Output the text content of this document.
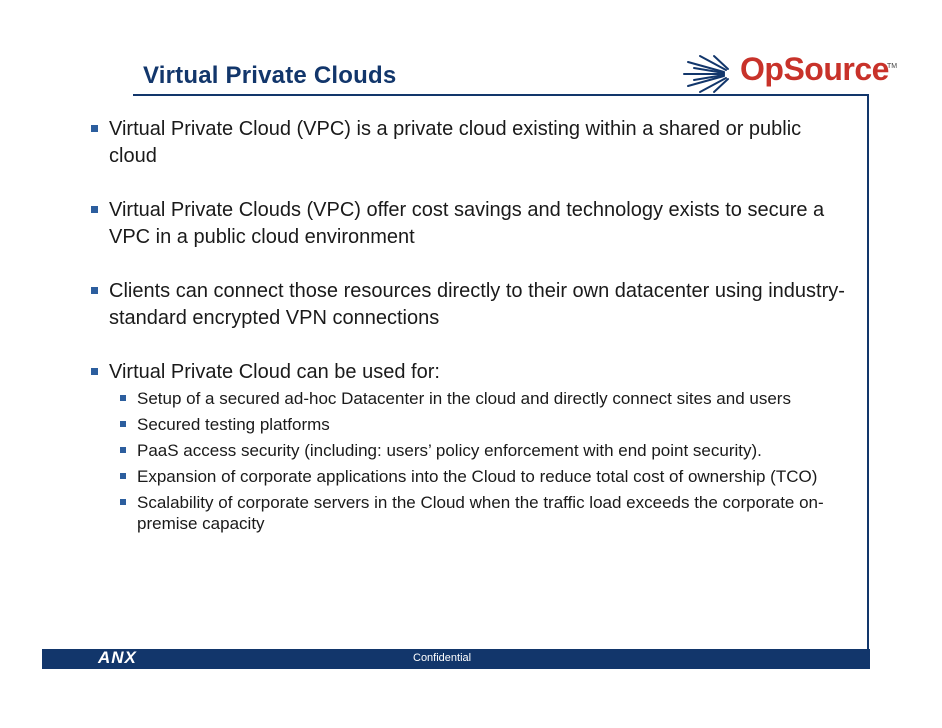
Virtual Private Clouds	OpSource
TM
Virtual Private Cloud (VPC) is a private cloud existing within a shared or public cloud
Virtual Private Clouds (VPC) offer cost savings and technology exists to secure a VPC in a public cloud environment
Clients can connect those resources directly to their own datacenter using industry-standard encrypted VPN connections
Virtual Private Cloud can be used for:
Setup of a secured ad-hoc Datacenter in the cloud and directly connect sites and users
Secured testing platforms
PaaS access security (including: users’ policy enforcement with end point security).
Expansion of corporate applications into the Cloud to reduce total cost of ownership (TCO)
Scalability of corporate servers in the Cloud when the traffic load exceeds the corporate on-premise capacity
ANX	Confidential
